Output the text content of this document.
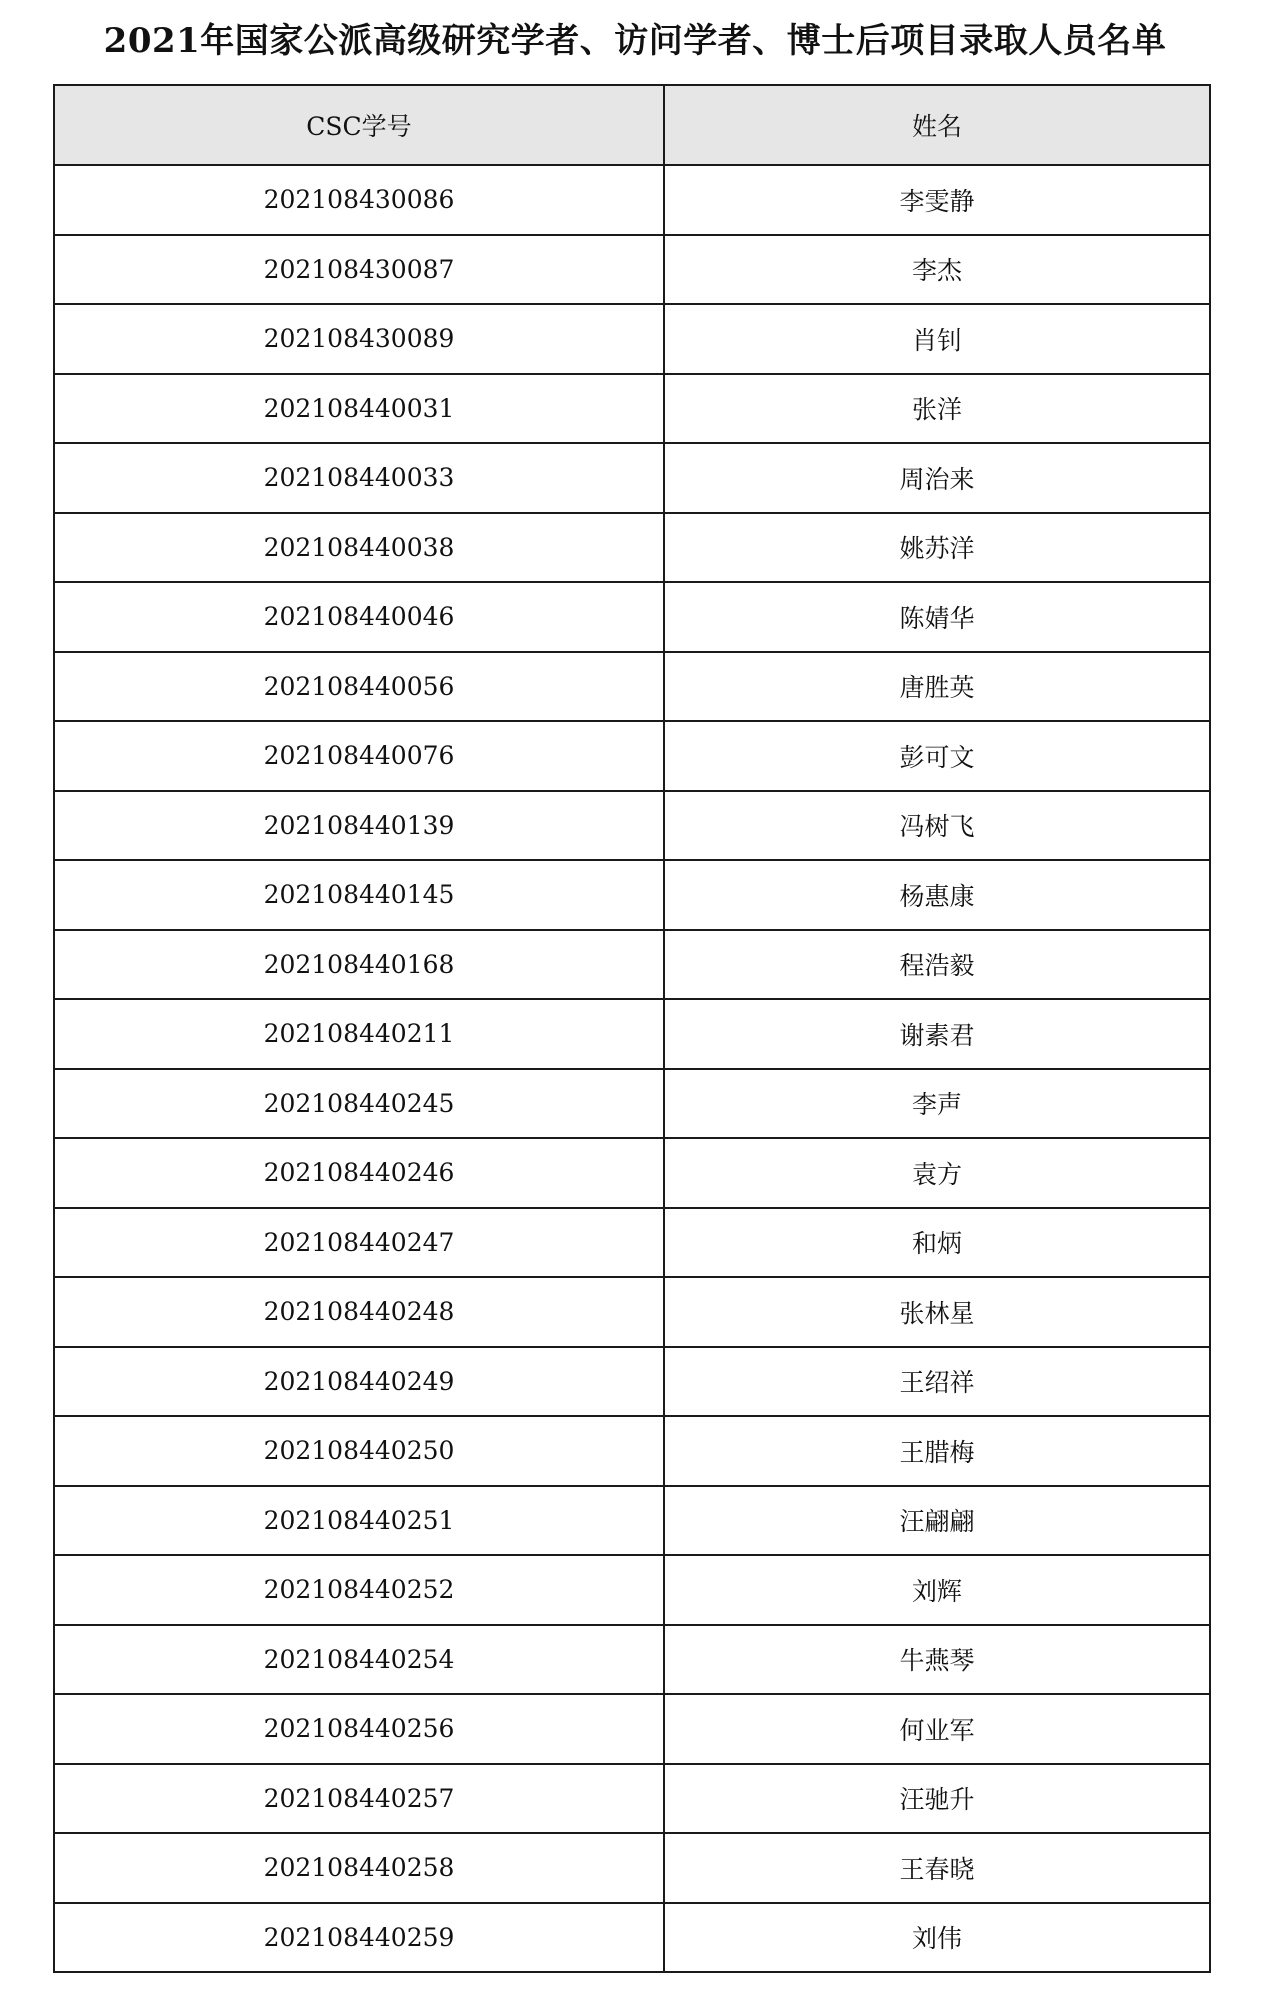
2021年国家公派高级研究学者、访问学者、博士后项目录取人员名单
CSC学号	姓名
202108430086	李雯静
202108430087	李杰
202108430089	肖钊
202108440031	张洋
202108440033	周治来
202108440038	姚苏洋
202108440046	陈婧华
202108440056	唐胜英
202108440076	彭可文
202108440139	冯树飞
202108440145	杨惠康
202108440168	程浩毅
202108440211	谢素君
202108440245	李声
202108440246	袁方
202108440247	和炳
202108440248	张林星
202108440249	王绍祥
202108440250	王腊梅
202108440251	汪翩翩
202108440252	刘辉
202108440254	牛燕琴
202108440256	何业军
202108440257	汪驰升
202108440258	王春晓
202108440259	刘伟
